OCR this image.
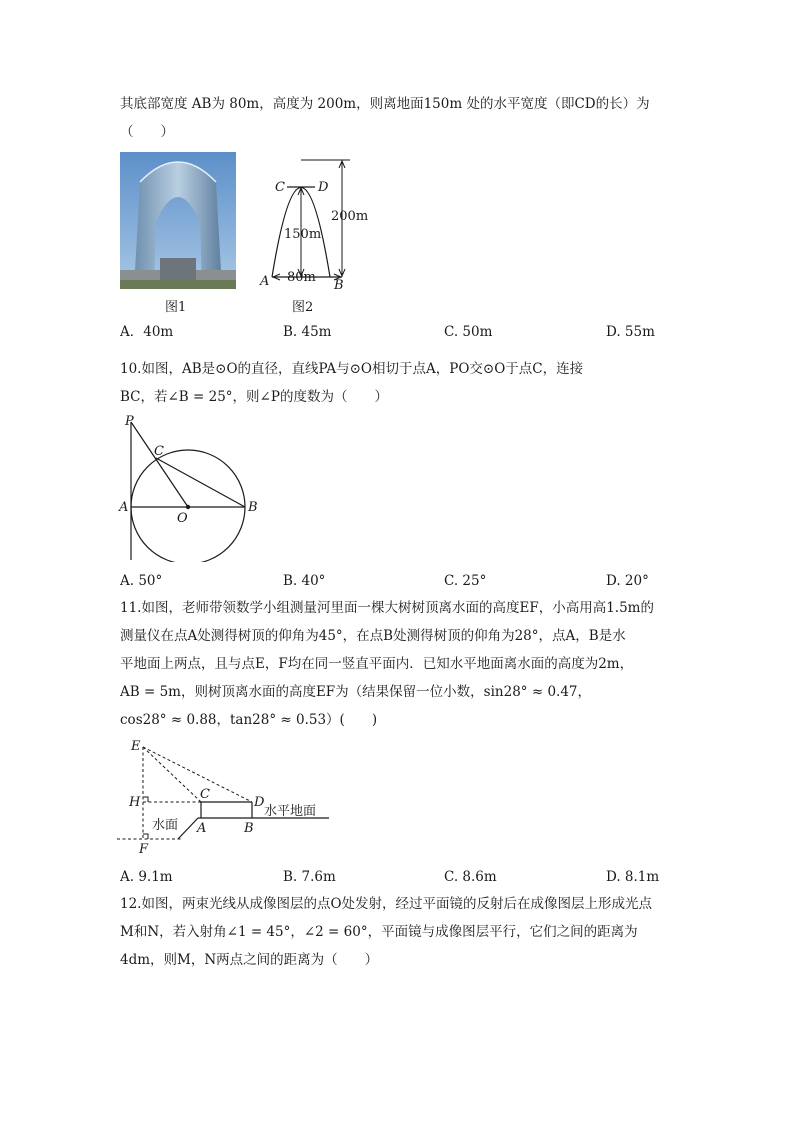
其底部宽度 AB为 80m，高度为 200m，则离地面150m 处的水平宽度（即CD的长）为
（　　）
图1
C	D
A	B
200m
150m
80m
图2
A．40m	B. 45m	C. 50m	D. 55m
10.如图，AB是⊙O的直径，直线PA与⊙O相切于点A，PO交⊙O于点C，连接
BC，若∠B = 25°，则∠P的度数为（　　）
P
C
A
O
B
A. 50°	B. 40°	C. 25°	D. 20°
11.如图，老师带领数学小组测量河里面一棵大树树顶离水面的高度EF，小高用高1.5m的
测量仪在点A处测得树顶的仰角为45°，在点B处测得树顶的仰角为28°，点A，B是水
平地面上两点，且与点E，F均在同一竖直平面内．已知水平地面离水面的高度为2m，
AB = 5m，则树顶离水面的高度EF为（结果保留一位小数，sin28° ≈ 0.47，
cos28° ≈ 0.88，tan28° ≈ 0.53）(　　)
E
H
C
D
A	B
F
水平地面
水面
A. 9.1m	B. 7.6m	C. 8.6m	D. 8.1m
12.如图，两束光线从成像图层的点O处发射，经过平面镜的反射后在成像图层上形成光点
M和N，若入射角∠1 = 45°，∠2 = 60°，平面镜与成像图层平行，它们之间的距离为
4dm，则M，N两点之间的距离为（　　）
